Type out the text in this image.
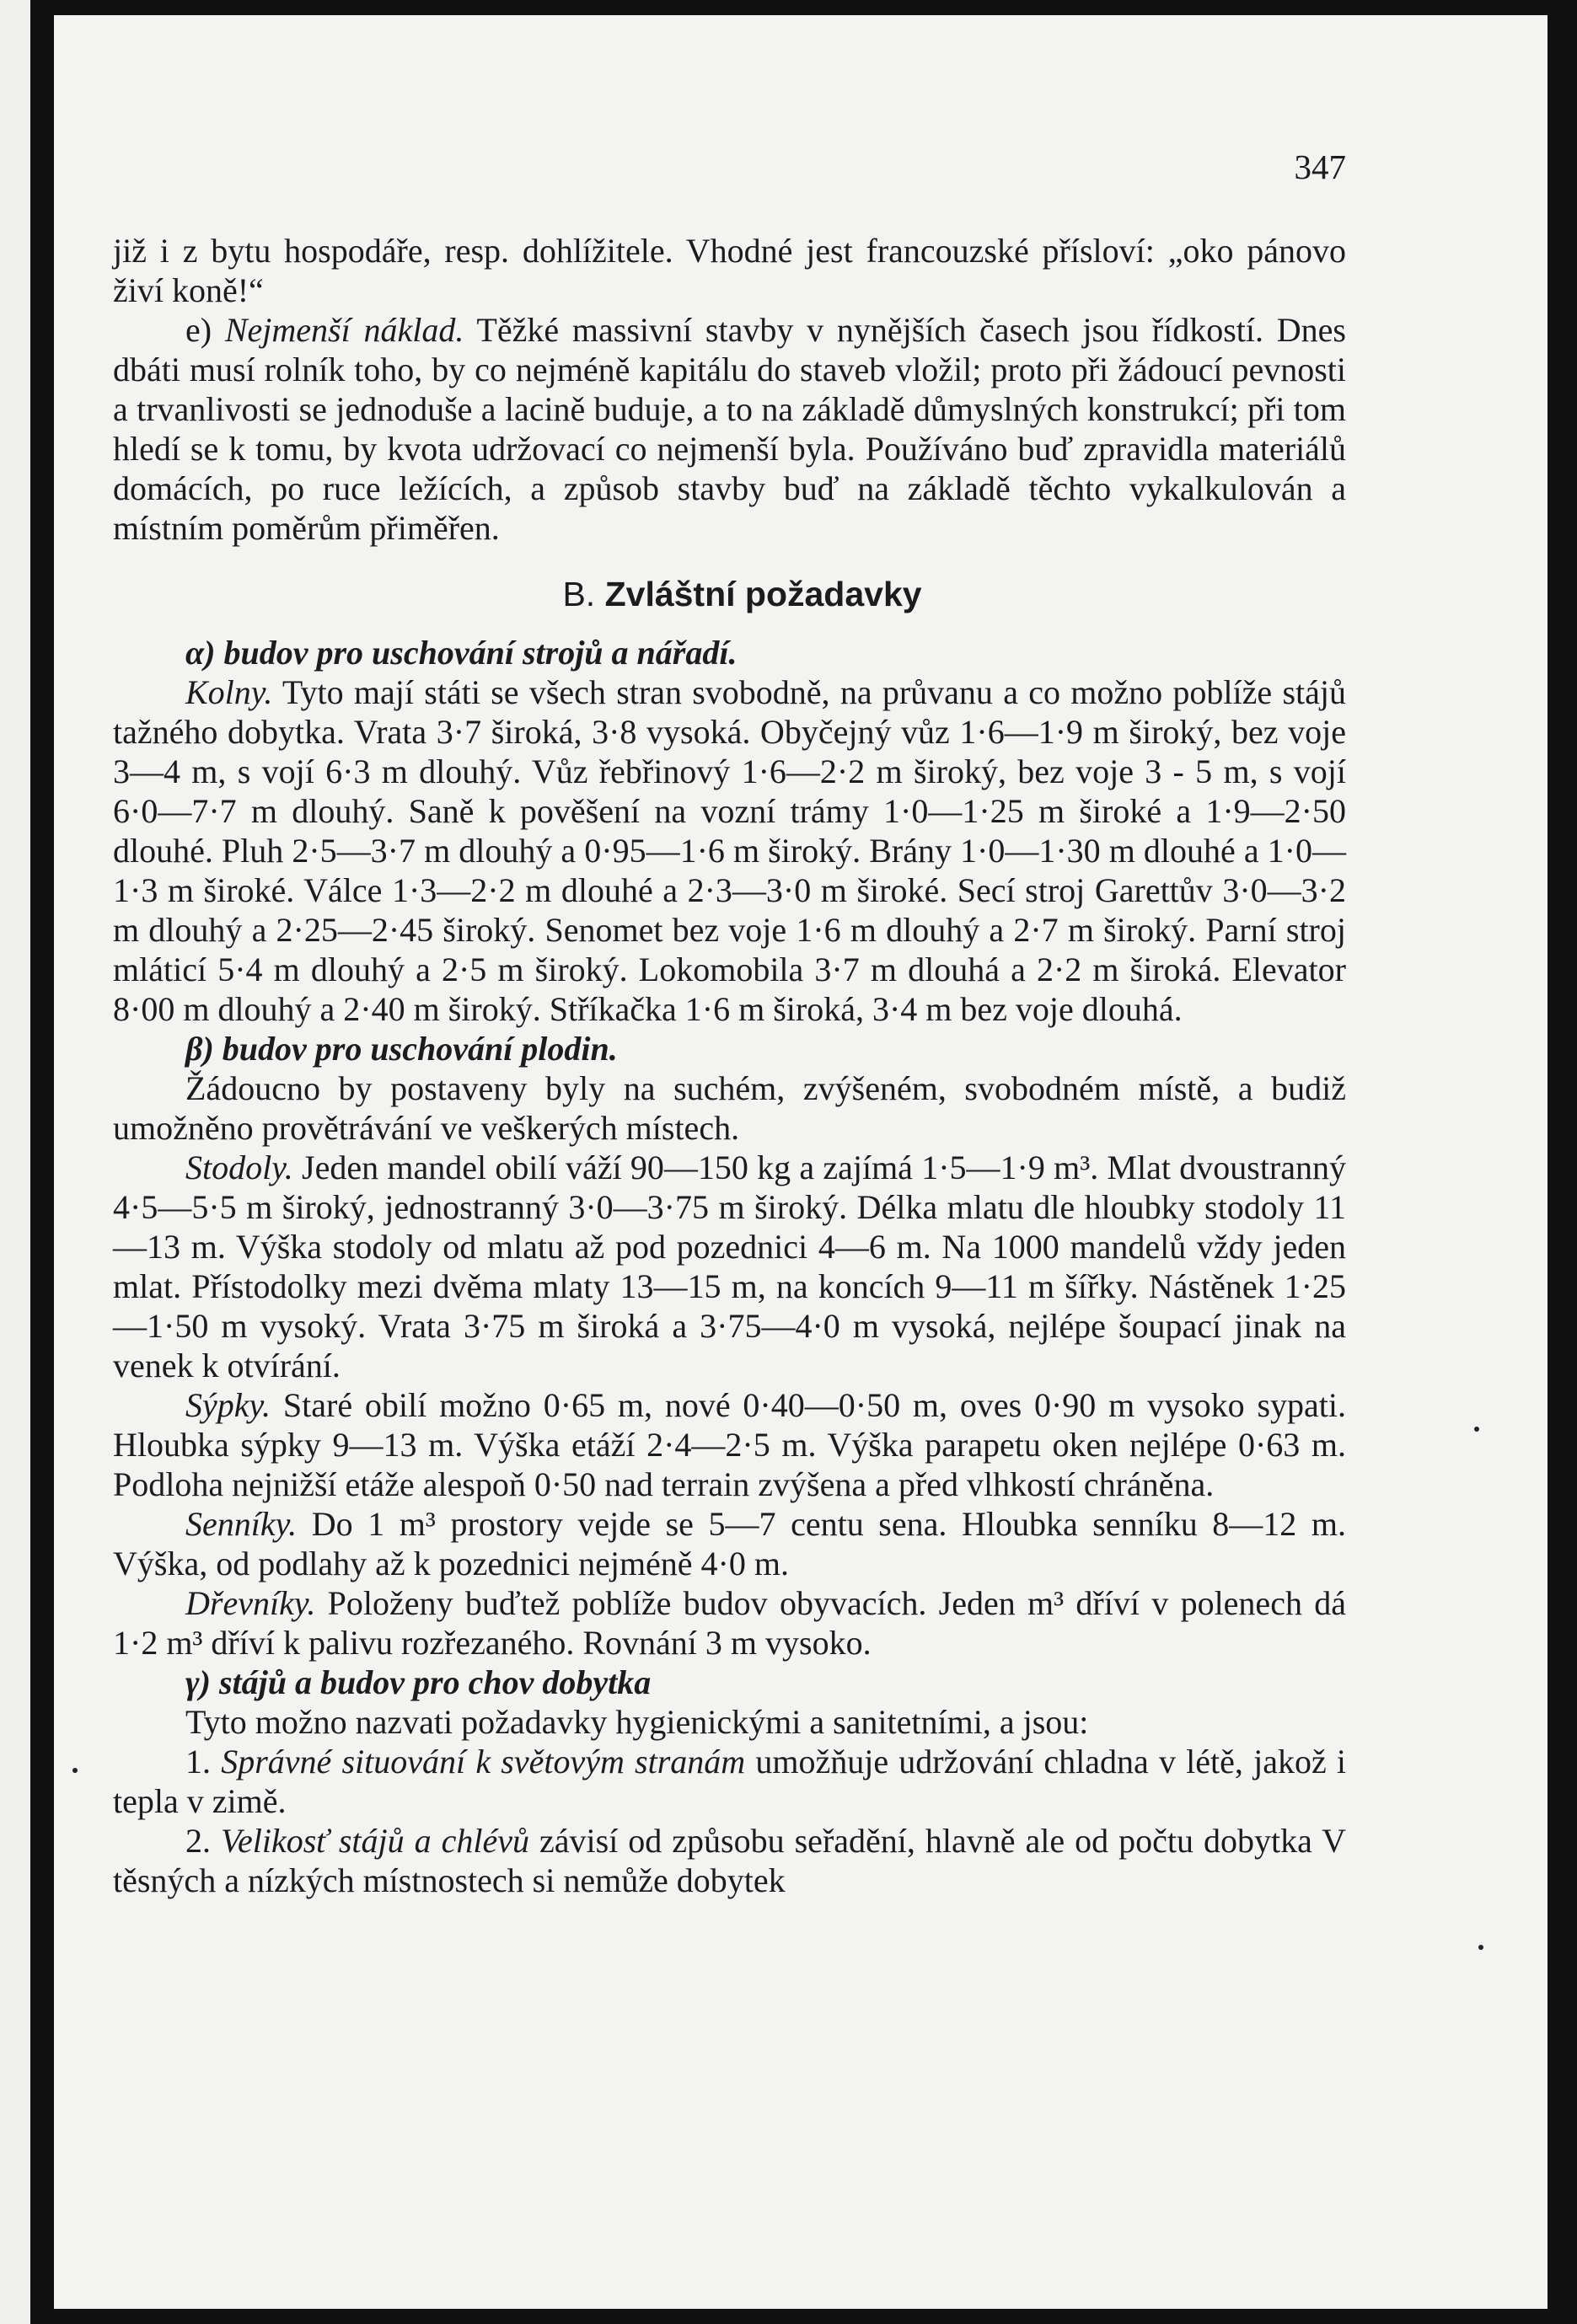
347

již i z bytu hospodáře, resp. dohlížitele. Vhodné jest francouzské přísloví: „oko pánovo živí koně!“

e) Nejmenší náklad. Těžké massivní stavby v nynějších časech jsou řídkostí. Dnes dbáti musí rolník toho, by co nejméně kapitálu do staveb vložil; proto při žádoucí pevnosti a trvanlivosti se jednoduše a lacině buduje, a to na základě důmyslných konstrukcí; při tom hledí se k tomu, by kvota udržovací co nejmenší byla. Používáno buď zpravidla materiálů domácích, po ruce ležících, a způsob stavby buď na základě těchto vykalkulován a místním poměrům přiměřen.

B. Zvláštní požadavky

α) budov pro uschování strojů a nářadí.

Kolny. Tyto mají státi se všech stran svobodně, na průvanu a co možno poblíže stájů tažného dobytka. Vrata 3·7 široká, 3·8 vysoká. Obyčejný vůz 1·6—1·9 m široký, bez voje 3—4 m, s vojí 6·3 m dlouhý. Vůz řebřinový 1·6—2·2 m široký, bez voje 3 - 5 m, s vojí 6·0—7·7 m dlouhý. Saně k pověšení na vozní trámy 1·0—1·25 m široké a 1·9—2·50 dlouhé. Pluh 2·5—3·7 m dlouhý a 0·95—1·6 m široký. Brány 1·0—1·30 m dlouhé a 1·0—1·3 m široké. Válce 1·3—2·2 m dlouhé a 2·3—3·0 m široké. Secí stroj Garettův 3·0—3·2 m dlouhý a 2·25—2·45 široký. Senomet bez voje 1·6 m dlouhý a 2·7 m široký. Parní stroj mláticí 5·4 m dlouhý a 2·5 m široký. Lokomobila 3·7 m dlouhá a 2·2 m široká. Elevator 8·00 m dlouhý a 2·40 m široký. Stříkačka 1·6 m široká, 3·4 m bez voje dlouhá.

β) budov pro uschování plodin.

Žádoucno by postaveny byly na suchém, zvýšeném, svobodném místě, a budiž umožněno provětrávání ve veškerých místech.

Stodoly. Jeden mandel obilí váží 90—150 kg a zajímá 1·5—1·9 m³. Mlat dvoustranný 4·5—5·5 m široký, jednostranný 3·0—3·75 m široký. Délka mlatu dle hloubky stodoly 11—13 m. Výška stodoly od mlatu až pod pozednici 4—6 m. Na 1000 mandelů vždy jeden mlat. Přístodolky mezi dvěma mlaty 13—15 m, na koncích 9—11 m šířky. Nástěnek 1·25—1·50 m vysoký. Vrata 3·75 m široká a 3·75—4·0 m vysoká, nejlépe šoupací jinak na venek k otvírání.

Sýpky. Staré obilí možno 0·65 m, nové 0·40—0·50 m, oves 0·90 m vysoko sypati. Hloubka sýpky 9—13 m. Výška etáží 2·4—2·5 m. Výška parapetu oken nejlépe 0·63 m. Podloha nejnižší etáže alespoň 0·50 nad terrain zvýšena a před vlhkostí chráněna.

Senníky. Do 1 m³ prostory vejde se 5—7 centu sena. Hloubka senníku 8—12 m. Výška, od podlahy až k pozednici nejméně 4·0 m.

Dřevníky. Položeny buďtež poblíže budov obyvacích. Jeden m³ dříví v polenech dá 1·2 m³ dříví k palivu rozřezaného. Rovnání 3 m vysoko.

γ) stájů a budov pro chov dobytka

Tyto možno nazvati požadavky hygienickými a sanitetními, a jsou:

1. Správné situování k světovým stranám umožňuje udržování chladna v létě, jakož i tepla v zimě.

2. Velikosť stájů a chlévů závisí od způsobu seřadění, hlavně ale od počtu dobytka V těsných a nízkých místnostech si nemůže dobytek
